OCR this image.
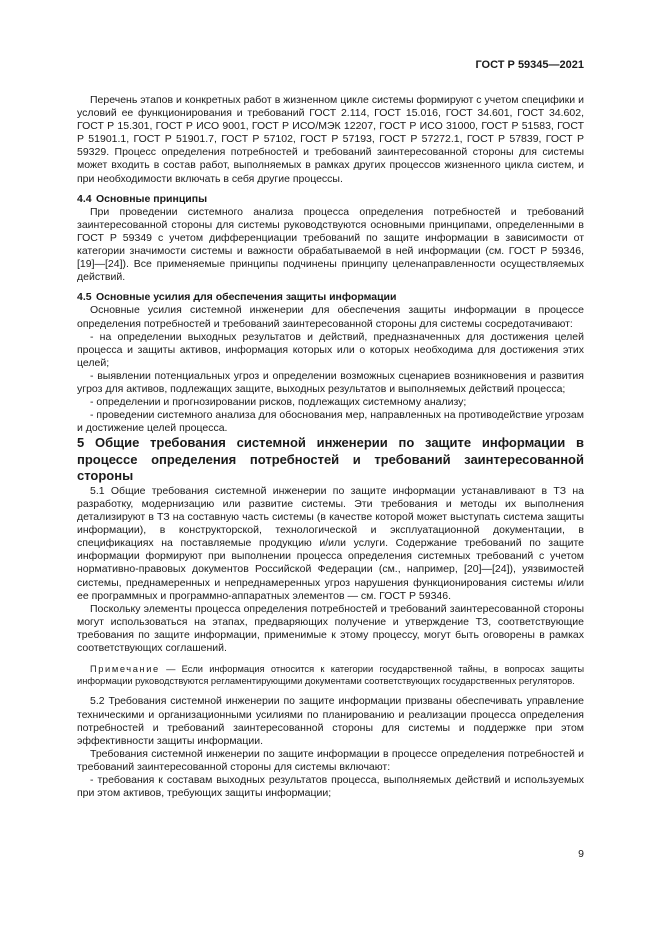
ГОСТ Р 59345—2021

Перечень этапов и конкретных работ в жизненном цикле системы формируют с учетом специфики и условий ее функционирования и требований ГОСТ 2.114, ГОСТ 15.016, ГОСТ 34.601, ГОСТ 34.602, ГОСТ Р 15.301, ГОСТ Р ИСО 9001, ГОСТ Р ИСО/МЭК 12207, ГОСТ Р ИСО 31000, ГОСТ Р 51583, ГОСТ Р 51901.1, ГОСТ Р 51901.7, ГОСТ Р 57102, ГОСТ Р 57193, ГОСТ Р 57272.1, ГОСТ Р 57839, ГОСТ Р 59329. Процесс определения потребностей и требований заинтересованной стороны для системы может входить в состав работ, выполняемых в рамках других процессов жизненного цикла систем, и при необходимости включать в себя другие процессы.

4.4 Основные принципы

При проведении системного анализа процесса определения потребностей и требований заинтересованной стороны для системы руководствуются основными принципами, определенными в ГОСТ Р 59349 с учетом дифференциации требований по защите информации в зависимости от категории значимости системы и важности обрабатываемой в ней информации (см. ГОСТ Р 59346, [19]—[24]). Все применяемые принципы подчинены принципу целенаправленности осуществляемых действий.

4.5 Основные усилия для обеспечения защиты информации

Основные усилия системной инженерии для обеспечения защиты информации в процессе определения потребностей и требований заинтересованной стороны для системы сосредотачивают:

- на определении выходных результатов и действий, предназначенных для достижения целей процесса и защиты активов, информация которых или о которых необходима для достижения этих целей;

- выявлении потенциальных угроз и определении возможных сценариев возникновения и развития угроз для активов, подлежащих защите, выходных результатов и выполняемых действий процесса;

- определении и прогнозировании рисков, подлежащих системному анализу;

- проведении системного анализа для обоснования мер, направленных на противодействие угрозам и достижение целей процесса.

5 Общие требования системной инженерии по защите информации в процессе определения потребностей и требований заинтересованной стороны

5.1 Общие требования системной инженерии по защите информации устанавливают в ТЗ на разработку, модернизацию или развитие системы. Эти требования и методы их выполнения детализируют в ТЗ на составную часть системы (в качестве которой может выступать система защиты информации), в конструкторской, технологической и эксплуатационной документации, в спецификациях на поставляемые продукцию и/или услуги. Содержание требований по защите информации формируют при выполнении процесса определения системных требований с учетом нормативно-правовых документов Российской Федерации (см., например, [20]—[24]), уязвимостей системы, преднамеренных и непреднамеренных угроз нарушения функционирования системы и/или ее программных и программно-аппаратных элементов — см. ГОСТ Р 59346.

Поскольку элементы процесса определения потребностей и требований заинтересованной стороны могут использоваться на этапах, предваряющих получение и утверждение ТЗ, соответствующие требования по защите информации, применимые к этому процессу, могут быть оговорены в рамках соответствующих соглашений.

Примечание — Если информация относится к категории государственной тайны, в вопросах защиты информации руководствуются регламентирующими документами соответствующих государственных регуляторов.

5.2 Требования системной инженерии по защите информации призваны обеспечивать управление техническими и организационными усилиями по планированию и реализации процесса определения потребностей и требований заинтересованной стороны для системы и поддержке при этом эффективности защиты информации.

Требования системной инженерии по защите информации в процессе определения потребностей и требований заинтересованной стороны для системы включают:

- требования к составам выходных результатов процесса, выполняемых действий и используемых при этом активов, требующих защиты информации;

9
